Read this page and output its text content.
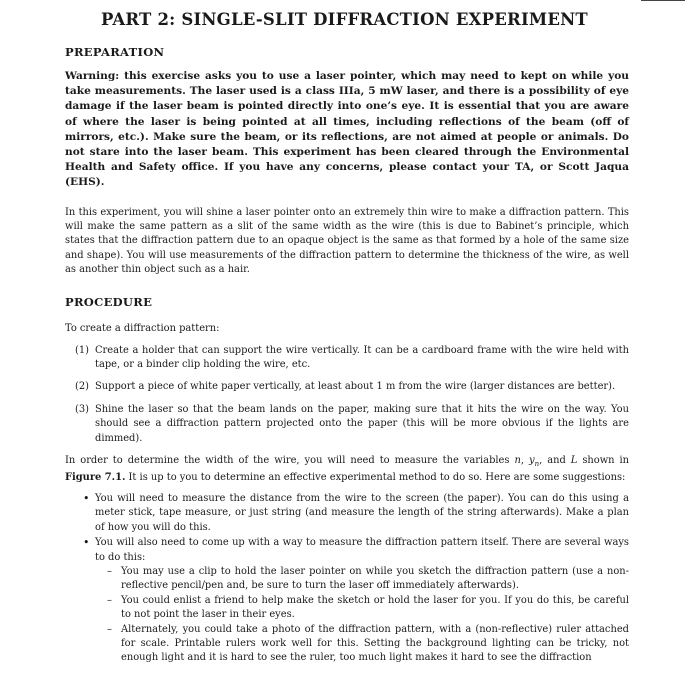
PART 2: SINGLE-SLIT DIFFRACTION EXPERIMENT
PREPARATION

Warning: this exercise asks you to use a laser pointer, which may need to kept on while you take measurements. The laser used is a class IIIa, 5 mW laser, and there is a possibility of eye damage if the laser beam is pointed directly into one’s eye. It is essential that you are aware of where the laser is being pointed at all times, including reflections of the beam (off of mirrors, etc.). Make sure the beam, or its reflections, are not aimed at people or animals. Do not stare into the laser beam. This experiment has been cleared through the Environmental Health and Safety office. If you have any concerns, please contact your TA, or Scott Jaqua (EHS).

In this experiment, you will shine a laser pointer onto an extremely thin wire to make a diffraction pattern. This will make the same pattern as a slit of the same width as the wire (this is due to Babinet’s principle, which states that the diffraction pattern due to an opaque object is the same as that formed by a hole of the same size and shape). You will use measurements of the diffraction pattern to determine the thickness of the wire, as well as another thin object such as a hair.

PROCEDURE
To create a diffraction pattern:
(1) Create a holder that can support the wire vertically. It can be a cardboard frame with the wire held with tape, or a binder clip holding the wire, etc.
(2) Support a piece of white paper vertically, at least about 1 m from the wire (larger distances are better).
(3) Shine the laser so that the beam lands on the paper, making sure that it hits the wire on the way. You should see a diffraction pattern projected onto the paper (this will be more obvious if the lights are dimmed).

In order to determine the width of the wire, you will need to measure the variables n, $y_n$, and L shown in Figure 7.1. It is up to you to determine an effective experimental method to do so. Here are some suggestions:

• You will need to measure the distance from the wire to the screen (the paper). You can do this using a meter stick, tape measure, or just string (and measure the length of the string afterwards). Make a plan of how you will do this.
• You will also need to come up with a way to measure the diffraction pattern itself. There are several ways to do this:
– You may use a clip to hold the laser pointer on while you sketch the diffraction pattern (use a non-reflective pencil/pen and, be sure to turn the laser off immediately afterwards).
– You could enlist a friend to help make the sketch or hold the laser for you. If you do this, be careful to not point the laser in their eyes.
– Alternately, you could take a photo of the diffraction pattern, with a (non-reflective) ruler attached for scale. Printable rulers work well for this. Setting the background lighting can be tricky, not enough light and it is hard to see the ruler, too much light makes it hard to see the diffraction
